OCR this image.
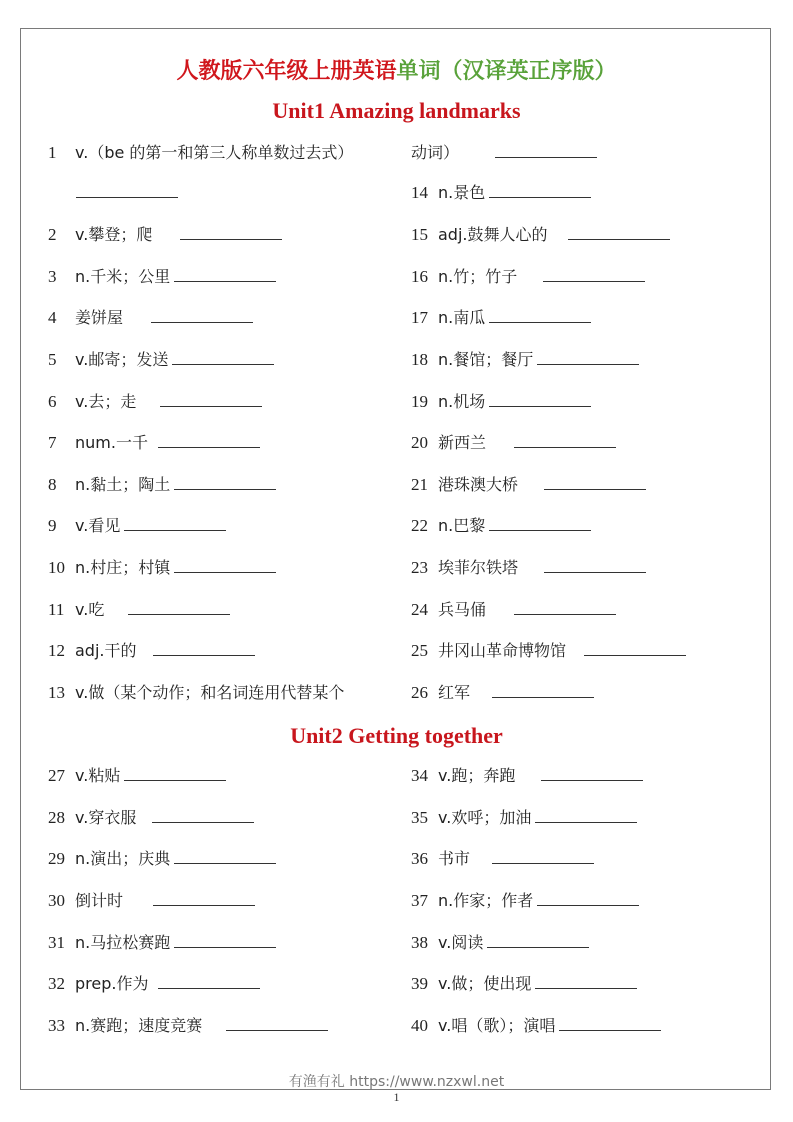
人教版六年级上册英语单词（汉译英正序版）
Unit1 Amazing landmarks
1 v.（be 的第一和第三人称单数过去式）
2 v.攀登；爬
3 n.千米；公里
4 姜饼屋
5 v.邮寄；发送
6 v.去；走
7 num.一千
8 n.黏土；陶土
9 v.看见
10 n.村庄；村镇
11 v.吃
12 adj.干的
13 v.做（某个动作；和名词连用代替某个
动词）
14 n.景色
15 adj.鼓舞人心的
16 n.竹；竹子
17 n.南瓜
18 n.餐馆；餐厅
19 n.机场
20 新西兰
21 港珠澳大桥
22 n.巴黎
23 埃菲尔铁塔
24 兵马俑
25 井冈山革命博物馆
26 红军
Unit2 Getting together
27 v.粘贴
28 v.穿衣服
29 n.演出；庆典
30 倒计时
31 n.马拉松赛跑
32 prep.作为
33 n.赛跑；速度竞赛
34 v.跑；奔跑
35 v.欢呼；加油
36 书市
37 n.作家；作者
38 v.阅读
39 v.做；使出现
40 v.唱（歌）；演唱
有渔有礼 https://www.nzxwl.net
1
